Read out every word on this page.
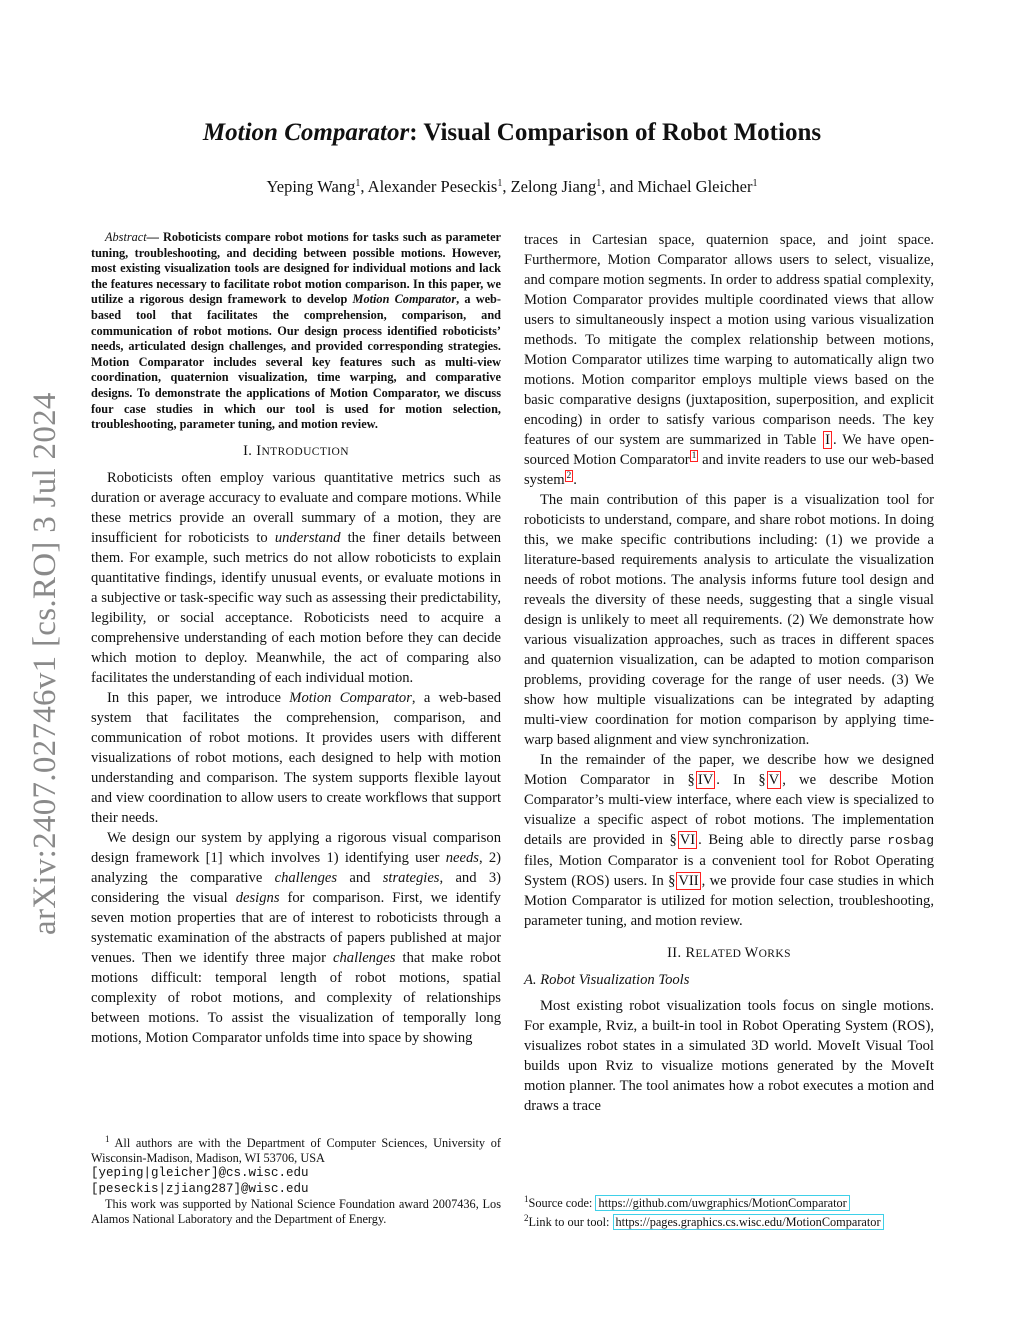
Motion Comparator: Visual Comparison of Robot Motions
Yeping Wang$^1$, Alexander Peseckis$^1$, Zelong Jiang$^1$, and Michael Gleicher$^1$
arXiv:2407.02746v1 [cs.RO] 3 Jul 2024

Abstract— Roboticists compare robot motions for tasks such as parameter tuning, troubleshooting, and deciding between possible motions. However, most existing visualization tools are designed for individual motions and lack the features necessary to facilitate robot motion comparison. In this paper, we utilize a rigorous design framework to develop Motion Comparator, a web-based tool that facilitates the comprehension, comparison, and communication of robot motions. Our design process identified roboticists’ needs, articulated design challenges, and provided corresponding strategies. Motion Comparator includes several key features such as multi-view coordination, quaternion visualization, time warping, and comparative designs. To demonstrate the applications of Motion Comparator, we discuss four case studies in which our tool is used for motion selection, troubleshooting, parameter tuning, and motion review.

I. INTRODUCTION

Roboticists often employ various quantitative metrics such as duration or average accuracy to evaluate and compare motions. While these metrics provide an overall summary of a motion, they are insufficient for roboticists to understand the finer details between them. For example, such metrics do not allow roboticists to explain quantitative findings, identify unusual events, or evaluate motions in a subjective or task-specific way such as assessing their predictability, legibility, or social acceptance. Roboticists need to acquire a comprehensive understanding of each motion before they can decide which motion to deploy. Meanwhile, the act of comparing also facilitates the understanding of each individual motion.

In this paper, we introduce Motion Comparator, a web-based system that facilitates the comprehension, comparison, and communication of robot motions. It provides users with different visualizations of robot motions, each designed to help with motion understanding and comparison. The system supports flexible layout and view coordination to allow users to create workflows that support their needs.

We design our system by applying a rigorous visual comparison design framework [1] which involves 1) identifying user needs, 2) analyzing the comparative challenges and strategies, and 3) considering the visual designs for comparison. First, we identify seven motion properties that are of interest to roboticists through a systematic examination of the abstracts of papers published at major venues. Then we identify three major challenges that make robot motions difficult: temporal length of robot motions, spatial complexity of robot motions, and complexity of relationships between motions. To assist the visualization of temporally long motions, Motion Comparator unfolds time into space by showing

$^1$ All authors are with the Department of Computer Sciences, University of Wisconsin-Madison, Madison, WI 53706, USA
[yeping|gleicher]@cs.wisc.edu
[peseckis|zjiang287]@wisc.edu
This work was supported by National Science Foundation award 2007436, Los Alamos National Laboratory and the Department of Energy.

traces in Cartesian space, quaternion space, and joint space. Furthermore, Motion Comparator allows users to select, visualize, and compare motion segments. In order to address spatial complexity, Motion Comparator provides multiple coordinated views that allow users to simultaneously inspect a motion using various visualization methods. To mitigate the complex relationship between motions, Motion Comparator utilizes time warping to automatically align two motions. Motion comparitor employs multiple views based on the basic comparative designs (juxtaposition, superposition, and explicit encoding) in order to satisfy various comparison needs. The key features of our system are summarized in Table I . We have open-sourced Motion Comparator $^1$ and invite readers to use our web-based system $^2$ .

The main contribution of this paper is a visualization tool for roboticists to understand, compare, and share robot motions. In doing this, we make specific contributions including: (1) we provide a literature-based requirements analysis to articulate the visualization needs of robot motions. The analysis informs future tool design and reveals the diversity of these needs, suggesting that a single visual design is unlikely to meet all requirements. (2) We demonstrate how various visualization approaches, such as traces in different spaces and quaternion visualization, can be adapted to motion comparison problems, providing coverage for the range of user needs. (3) We show how multiple visualizations can be integrated by adapting multi-view coordination for motion comparison by applying time-warp based alignment and view synchronization.

In the remainder of the paper, we describe how we designed Motion Comparator in § IV . In § V , we describe Motion Comparator’s multi-view interface, where each view is specialized to visualize a specific aspect of robot motions. The implementation details are provided in § VI . Being able to directly parse rosbag files, Motion Comparator is a convenient tool for Robot Operating System (ROS) users. In § VII , we provide four case studies in which Motion Comparator is utilized for motion selection, troubleshooting, parameter tuning, and motion review.

II. RELATED WORKS
A. Robot Visualization Tools

Most existing robot visualization tools focus on single motions. For example, Rviz, a built-in tool in Robot Operating System (ROS), visualizes robot states in a simulated 3D world. MoveIt Visual Tool builds upon Rviz to visualize motions generated by the MoveIt motion planner. The tool animates how a robot executes a motion and draws a trace

$^1$Source code: https://github.com/uwgraphics/MotionComparator
$^2$Link to our tool: https://pages.graphics.cs.wisc.edu/MotionComparator
